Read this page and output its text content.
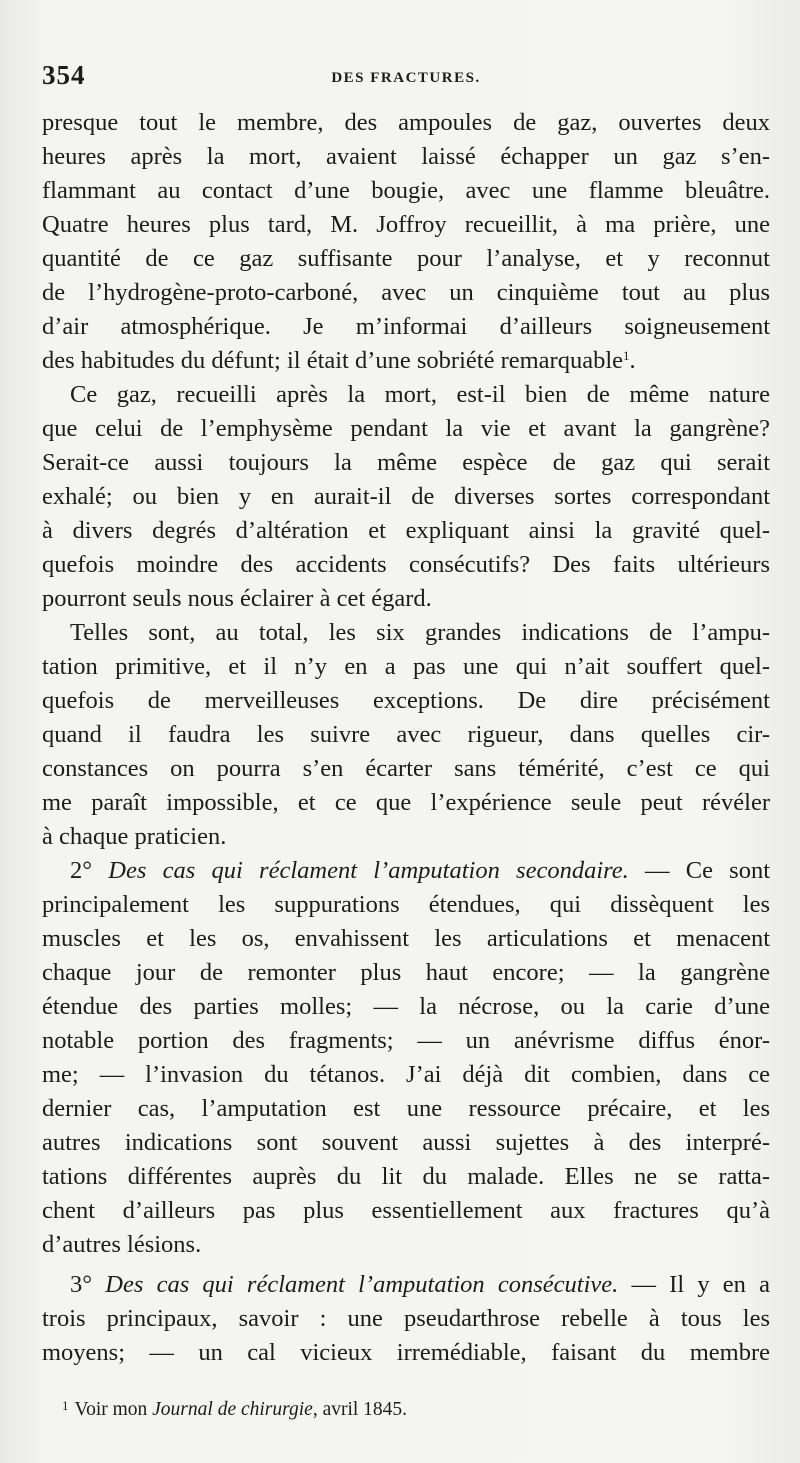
354	DES FRACTURES.
presque tout le membre, des ampoules de gaz, ouvertes deux
heures après la mort, avaient laissé échapper un gaz s’en-
flammant au contact d’une bougie, avec une flamme bleuâtre.
Quatre heures plus tard, M. Joffroy recueillit, à ma prière, une
quantité de ce gaz suffisante pour l’analyse, et y reconnut
de l’hydrogène-proto-carboné, avec un cinquième tout au plus
d’air atmosphérique. Je m’informai d’ailleurs soigneusement
des habitudes du défunt; il était d’une sobriété remarquable$^1$.
Ce gaz, recueilli après la mort, est-il bien de même nature
que celui de l’emphysème pendant la vie et avant la gangrène?
Serait-ce aussi toujours la même espèce de gaz qui serait
exhalé; ou bien y en aurait-il de diverses sortes correspondant
à divers degrés d’altération et expliquant ainsi la gravité quel-
quefois moindre des accidents consécutifs? Des faits ultérieurs
pourront seuls nous éclairer à cet égard.
Telles sont, au total, les six grandes indications de l’ampu-
tation primitive, et il n’y en a pas une qui n’ait souffert quel-
quefois de merveilleuses exceptions. De dire précisément
quand il faudra les suivre avec rigueur, dans quelles cir-
constances on pourra s’en écarter sans témérité, c’est ce qui
me paraît impossible, et ce que l’expérience seule peut révéler
à chaque praticien.
2° Des cas qui réclament l’amputation secondaire. — Ce sont
principalement les suppurations étendues, qui dissèquent les
muscles et les os, envahissent les articulations et menacent
chaque jour de remonter plus haut encore; — la gangrène
étendue des parties molles; — la nécrose, ou la carie d’une
notable portion des fragments; — un anévrisme diffus énor-
me; — l’invasion du tétanos. J’ai déjà dit combien, dans ce
dernier cas, l’amputation est une ressource précaire, et les
autres indications sont souvent aussi sujettes à des interpré-
tations différentes auprès du lit du malade. Elles ne se ratta-
chent d’ailleurs pas plus essentiellement aux fractures qu’à
d’autres lésions.
3° Des cas qui réclament l’amputation consécutive. — Il y en a
trois principaux, savoir : une pseudarthrose rebelle à tous les
moyens; — un cal vicieux irremédiable, faisant du membre
$^1$ Voir mon Journal de chirurgie, avril 1845.
